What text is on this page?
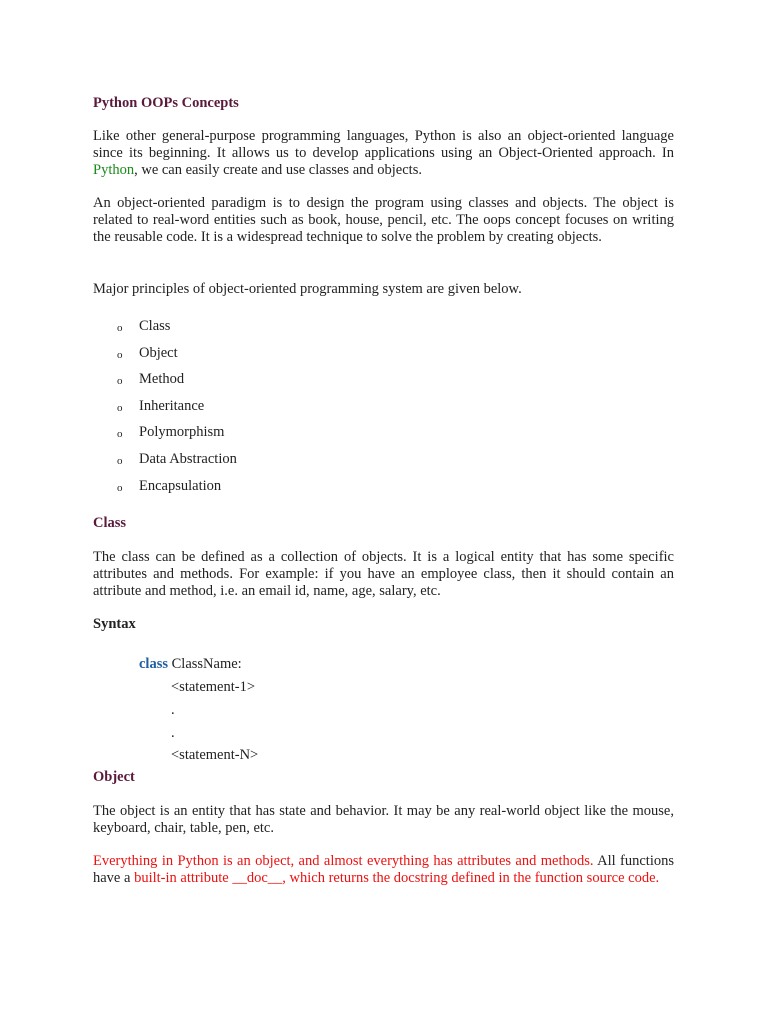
Python OOPs Concepts

Like other general-purpose programming languages, Python is also an object-oriented language since its beginning. It allows us to develop applications using an Object-Oriented approach. In Python, we can easily create and use classes and objects.

An object-oriented paradigm is to design the program using classes and objects. The object is related to real-word entities such as book, house, pencil, etc. The oops concept focuses on writing the reusable code. It is a widespread technique to solve the problem by creating objects.

Major principles of object-oriented programming system are given below.

o	Class
o	Object
o	Method
o	Inheritance
o	Polymorphism
o	Data Abstraction
o	Encapsulation
Class

The class can be defined as a collection of objects. It is a logical entity that has some specific attributes and methods. For example: if you have an employee class, then it should contain an attribute and method, i.e. an email id, name, age, salary, etc.

Syntax
class ClassName:
<statement-1>
.
.
<statement-N>
Object

The object is an entity that has state and behavior. It may be any real-world object like the mouse, keyboard, chair, table, pen, etc.

Everything in Python is an object, and almost everything has attributes and methods. All functions have a built-in attribute __doc__, which returns the docstring defined in the function source code.
